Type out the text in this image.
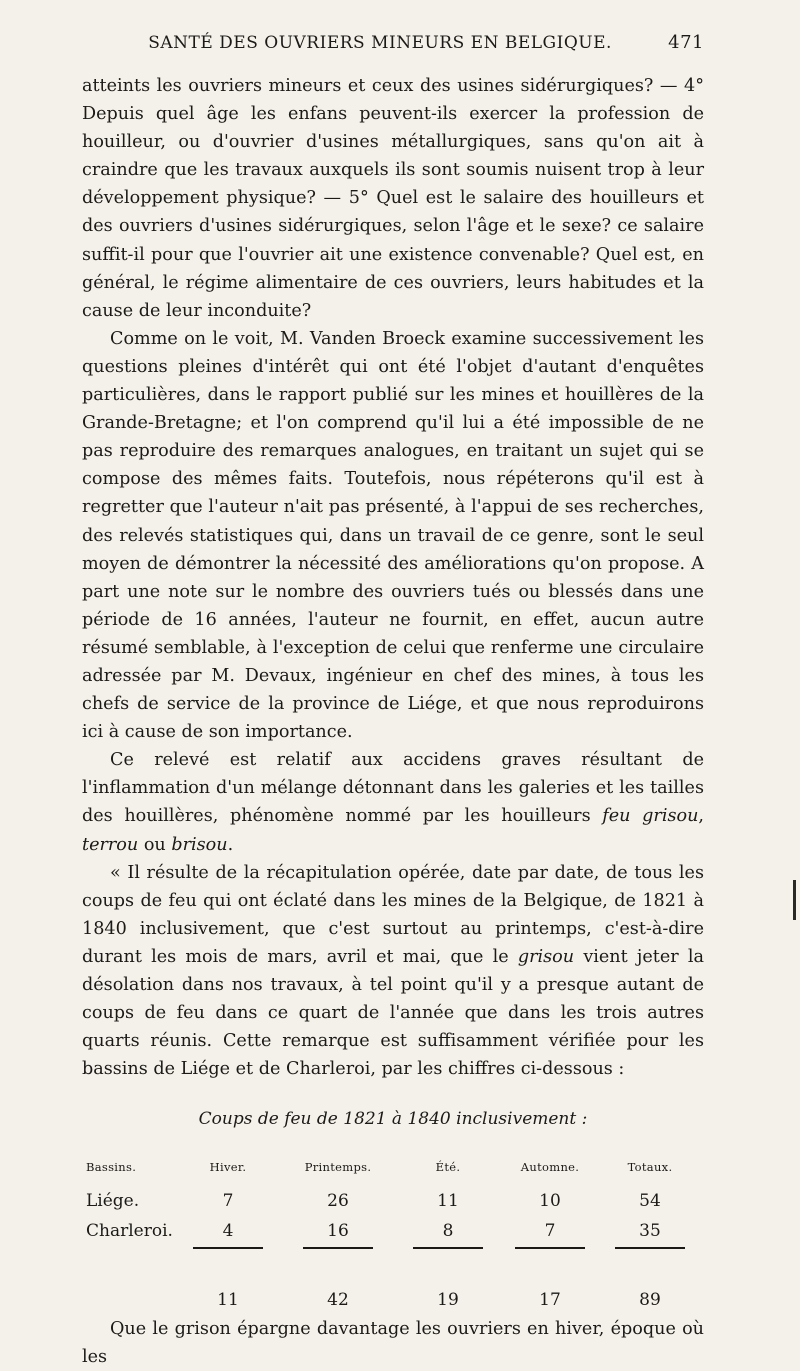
SANTÉ DES OUVRIERS MINEURS EN BELGIQUE.	471

atteints les ouvriers mineurs et ceux des usines sidérurgiques? — 4° Depuis quel âge les enfans peuvent-ils exercer la profession de houilleur, ou d'ouvrier d'usines métallurgiques, sans qu'on ait à craindre que les travaux auxquels ils sont soumis nuisent trop à leur développement physique? — 5° Quel est le salaire des houilleurs et des ouvriers d'usines sidérurgiques, selon l'âge et le sexe? ce salaire suffit-il pour que l'ouvrier ait une existence convenable? Quel est, en général, le régime alimentaire de ces ouvriers, leurs habitudes et la cause de leur inconduite?

Comme on le voit, M. Vanden Broeck examine successivement les questions pleines d'intérêt qui ont été l'objet d'autant d'enquêtes particulières, dans le rapport publié sur les mines et houillères de la Grande-Bretagne; et l'on comprend qu'il lui a été impossible de ne pas reproduire des remarques analogues, en traitant un sujet qui se compose des mêmes faits. Toutefois, nous répéterons qu'il est à regretter que l'auteur n'ait pas présenté, à l'appui de ses recherches, des relevés statistiques qui, dans un travail de ce genre, sont le seul moyen de démontrer la nécessité des améliorations qu'on propose. A part une note sur le nombre des ouvriers tués ou blessés dans une période de 16 années, l'auteur ne fournit, en effet, aucun autre résumé semblable, à l'exception de celui que renferme une circulaire adressée par M. Devaux, ingénieur en chef des mines, à tous les chefs de service de la province de Liége, et que nous reproduirons ici à cause de son importance.

Ce relevé est relatif aux accidens graves résultant de l'inflammation d'un mélange détonnant dans les galeries et les tailles des houillères, phénomène nommé par les houilleurs feu grisou, terrou ou brisou.

« Il résulte de la récapitulation opérée, date par date, de tous les coups de feu qui ont éclaté dans les mines de la Belgique, de 1821 à 1840 inclusivement, que c'est surtout au printemps, c'est-à-dire durant les mois de mars, avril et mai, que le grisou vient jeter la désolation dans nos travaux, à tel point qu'il y a presque autant de coups de feu dans ce quart de l'année que dans les trois autres quarts réunis. Cette remarque est suffisamment vérifiée pour les bassins de Liége et de Charleroi, par les chiffres ci-dessous :

Coups de feu de 1821 à 1840 inclusivement :
Bassins.	Hiver.	Printemps.	Été.	Automne.	Totaux.
Liége.	7	26	11	10	54
Charleroi.	4	16	8	7	35

	11	42	19	17	89

Que le grison épargne davantage les ouvriers en hiver, époque où les
